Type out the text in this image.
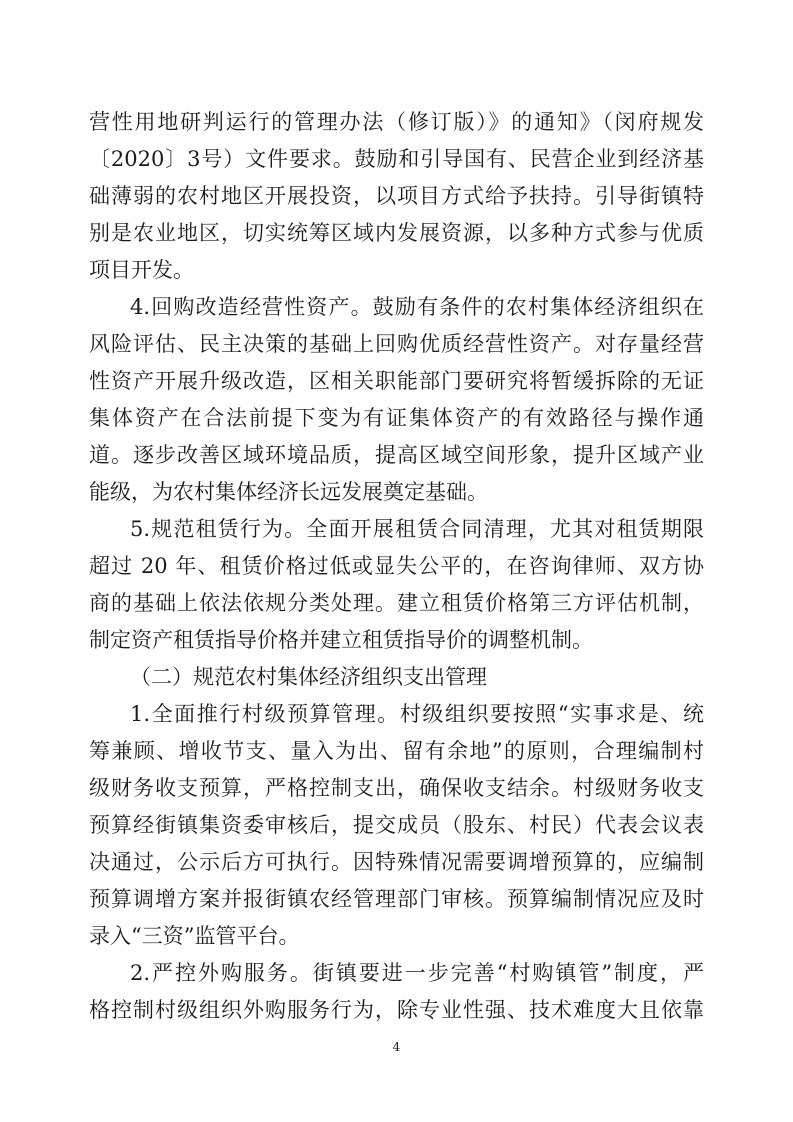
营性用地研判运行的管理办法（修订版）》的通知》（闵府规发
〔2020〕3号）文件要求。鼓励和引导国有、民营企业到经济基
础薄弱的农村地区开展投资，以项目方式给予扶持。引导街镇特
别是农业地区，切实统筹区域内发展资源，以多种方式参与优质
项目开发。
4.回购改造经营性资产。鼓励有条件的农村集体经济组织在
风险评估、民主决策的基础上回购优质经营性资产。对存量经营
性资产开展升级改造，区相关职能部门要研究将暂缓拆除的无证
集体资产在合法前提下变为有证集体资产的有效路径与操作通
道。逐步改善区域环境品质，提高区域空间形象，提升区域产业
能级，为农村集体经济长远发展奠定基础。
5.规范租赁行为。全面开展租赁合同清理，尤其对租赁期限
超过 20 年、租赁价格过低或显失公平的，在咨询律师、双方协
商的基础上依法依规分类处理。建立租赁价格第三方评估机制，
制定资产租赁指导价格并建立租赁指导价的调整机制。
（二）规范农村集体经济组织支出管理
1.全面推行村级预算管理。村级组织要按照“实事求是、统
筹兼顾、增收节支、量入为出、留有余地”的原则，合理编制村
级财务收支预算，严格控制支出，确保收支结余。村级财务收支
预算经街镇集资委审核后，提交成员（股东、村民）代表会议表
决通过，公示后方可执行。因特殊情况需要调增预算的，应编制
预算调增方案并报街镇农经管理部门审核。预算编制情况应及时
录入“三资”监管平台。
2.严控外购服务。街镇要进一步完善“村购镇管”制度，严
格控制村级组织外购服务行为，除专业性强、技术难度大且依靠
4
